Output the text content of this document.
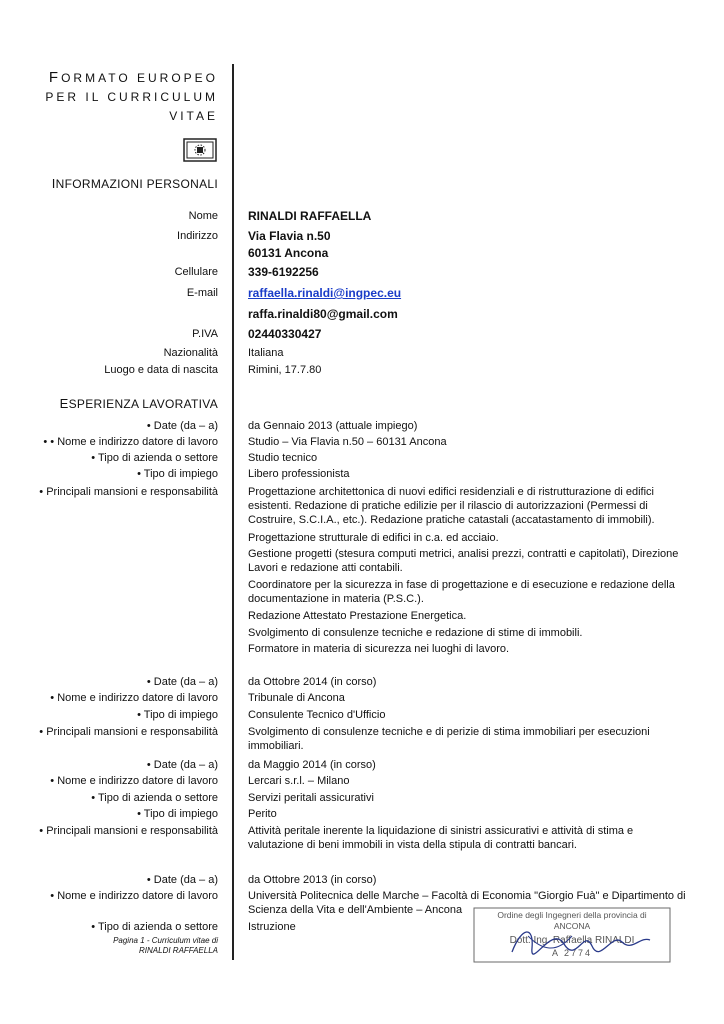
FORMATO EUROPEO
PER IL CURRICULUM
VITAE
INFORMAZIONI PERSONALI
Nome	RINALDI RAFFAELLA
Indirizzo	Via Flavia n.50
60131 Ancona
Cellulare	339-6192256
E-mail	raffaella.rinaldi@ingpec.eu
raffa.rinaldi80@gmail.com
P.IVA	02440330427
Nazionalità	Italiana
Luogo e data di nascita	Rimini, 17.7.80
ESPERIENZA LAVORATIVA
• Date (da – a)	da Gennaio 2013 (attuale impiego)
• • Nome e indirizzo datore di lavoro	Studio – Via Flavia n.50 – 60131 Ancona
• Tipo di azienda o settore	Studio tecnico
• Tipo di impiego	Libero professionista
• Principali mansioni e responsabilità	Progettazione architettonica di nuovi edifici residenziali e di ristrutturazione di edifici esistenti. Redazione di pratiche edilizie per il rilascio di autorizzazioni (Permessi di Costruire, S.C.I.A., etc.). Redazione pratiche catastali (accatastamento di immobili).
Progettazione strutturale di edifici in c.a. ed acciaio.
Gestione progetti (stesura computi metrici, analisi prezzi, contratti e capitolati), Direzione Lavori e redazione atti contabili.
Coordinatore per la sicurezza in fase di progettazione e di esecuzione e redazione della documentazione in materia (P.S.C.).
Redazione Attestato Prestazione Energetica.
Svolgimento di consulenze tecniche e redazione di stime di immobili.
Formatore in materia di sicurezza nei luoghi di lavoro.
• Date (da – a)	da Ottobre 2014 (in corso)
• Nome e indirizzo datore di lavoro	Tribunale di Ancona
• Tipo di impiego	Consulente Tecnico d'Ufficio
• Principali mansioni e responsabilità	Svolgimento di consulenze tecniche e di perizie di stima immobiliari per esecuzioni immobiliari.
• Date (da – a)	da Maggio 2014 (in corso)
• Nome e indirizzo datore di lavoro	Lercari s.r.l. – Milano
• Tipo di azienda o settore	Servizi peritali assicurativi
• Tipo di impiego	Perito
• Principali mansioni e responsabilità	Attività peritale inerente la liquidazione di sinistri assicurativi e attività di stima e valutazione di beni immobili in vista della stipula di contratti bancari.
• Date (da – a)	da Ottobre 2013 (in corso)
• Nome e indirizzo datore di lavoro	Università Politecnica delle Marche – Facoltà di Economia "Giorgio Fuà" e Dipartimento di Scienza della Vita e dell'Ambiente – Ancona
• Tipo di azienda o settore	Istruzione
Pagina 1 - Curriculum vitae di
RINALDI RAFFAELLA
Ordine degli Ingegneri della provincia di
ANCONA
Dott. Ing. Raffaella RINALDI
A 2774
